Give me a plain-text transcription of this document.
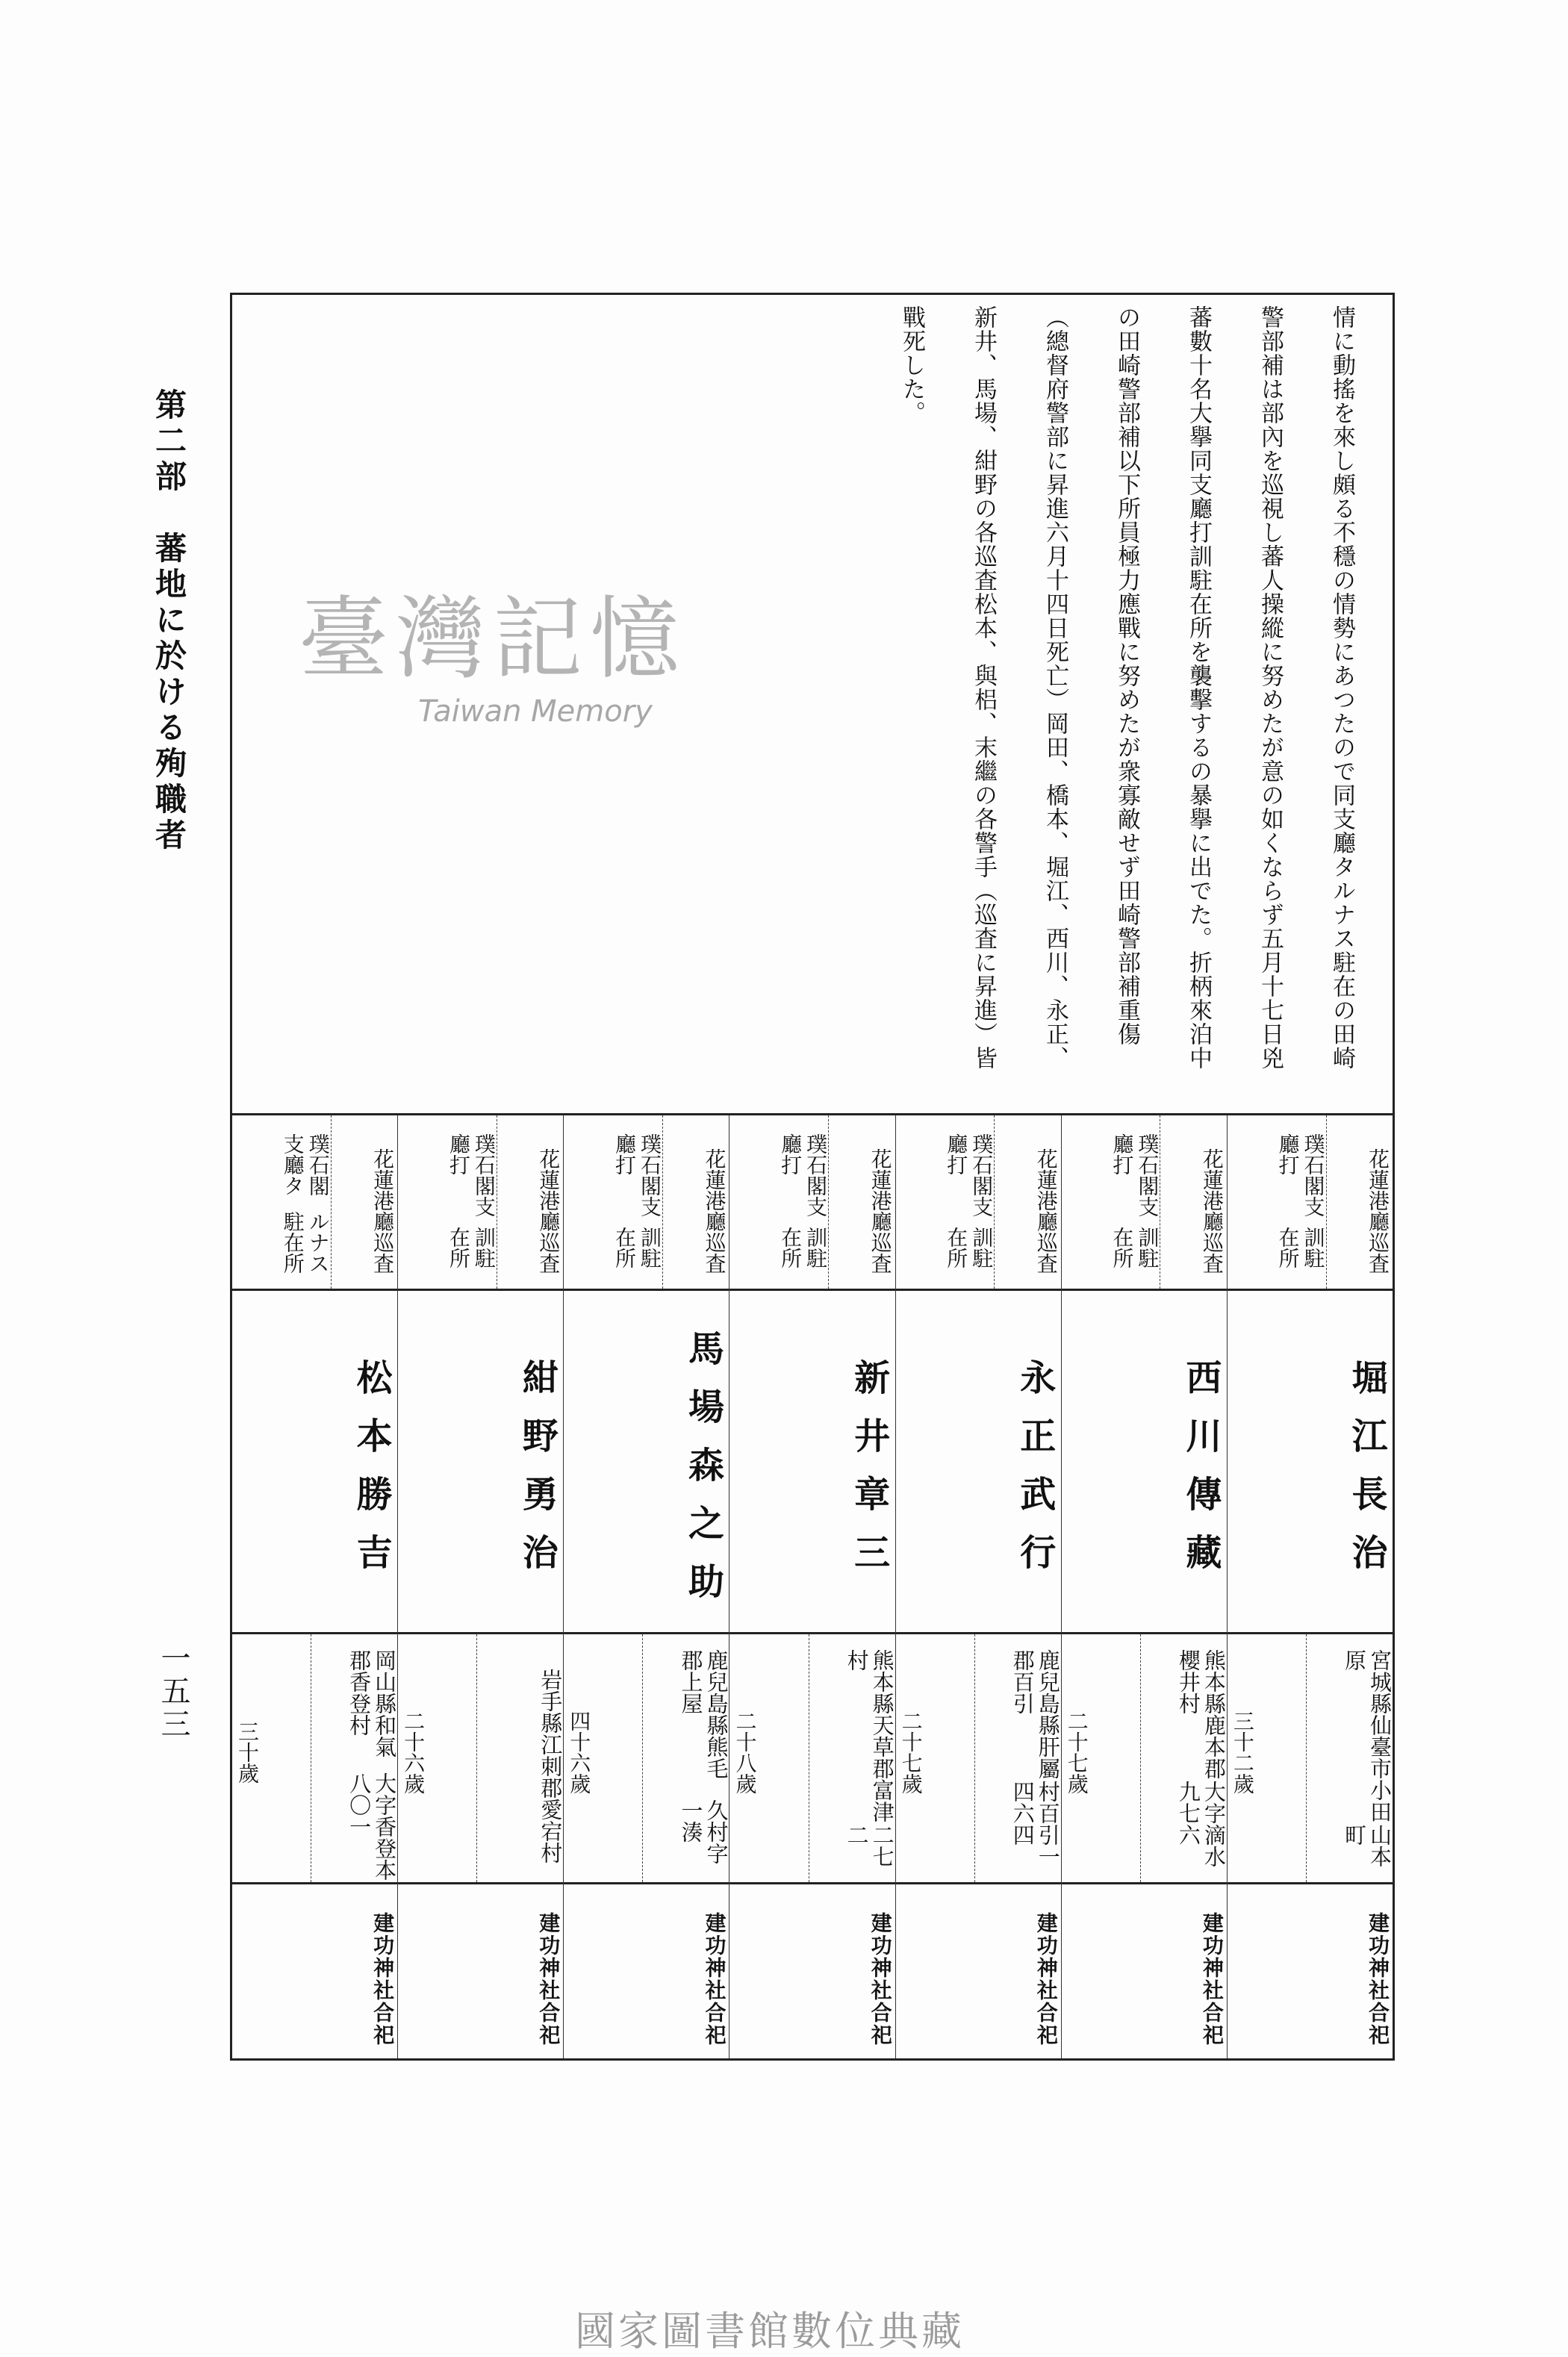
第二部　蕃地に於ける殉職者
一五三
情に動搖を來し頗る不穩の情勢にあつたので同支廳タルナス駐在の田崎
警部補は部內を巡視し蕃人操縱に努めたが意の如くならず五月十七日兇
蕃數十名大擧同支廳打訓駐在所を襲擊するの暴擧に出でた。折柄來泊中
の田崎警部補以下所員極力應戰に努めたが衆寡敵せず田崎警部補重傷
（總督府警部に昇進六月十四日死亡）岡田、橋本、堀江、西川、永正、
新井、馬場、紺野の各巡査松本、與梠、末繼の各警手（巡査に昇進）皆
戰死した。
花蓮港廳巡査
璞石閣支廳打
訓駐在所
堀江長治
宮城縣仙臺市小田原
山本町
三十二歲
建功神社合祀
花蓮港廳巡査
璞石閣支廳打
訓駐在所
西川傳藏
熊本縣鹿本郡櫻井村
大字滴水九七六
二十七歲
建功神社合祀
花蓮港廳巡査
璞石閣支廳打
訓駐在所
永正武行
鹿兒島縣肝屬郡百引
村百引一四六四
二十七歲
建功神社合祀
花蓮港廳巡査
璞石閣支廳打
訓駐在所
新井章三
熊本縣天草郡富津村
二七二
二十八歲
建功神社合祀
花蓮港廳巡査
璞石閣支廳打
訓駐在所
馬場森之助
鹿兒島縣熊毛郡上屋
久村字一湊
四十六歲
建功神社合祀
花蓮港廳巡査
璞石閣支廳打
訓駐在所
紺野勇治
岩手縣江刺郡愛宕村
二十六歲
建功神社合祀
花蓮港廳巡査
璞石閣支廳タ
ルナス駐在所
松本勝吉
岡山縣和氣郡香登村
大字香登本八〇一
三十歲
建功神社合祀
臺灣記憶
Taiwan Memory
國家圖書館數位典藏
